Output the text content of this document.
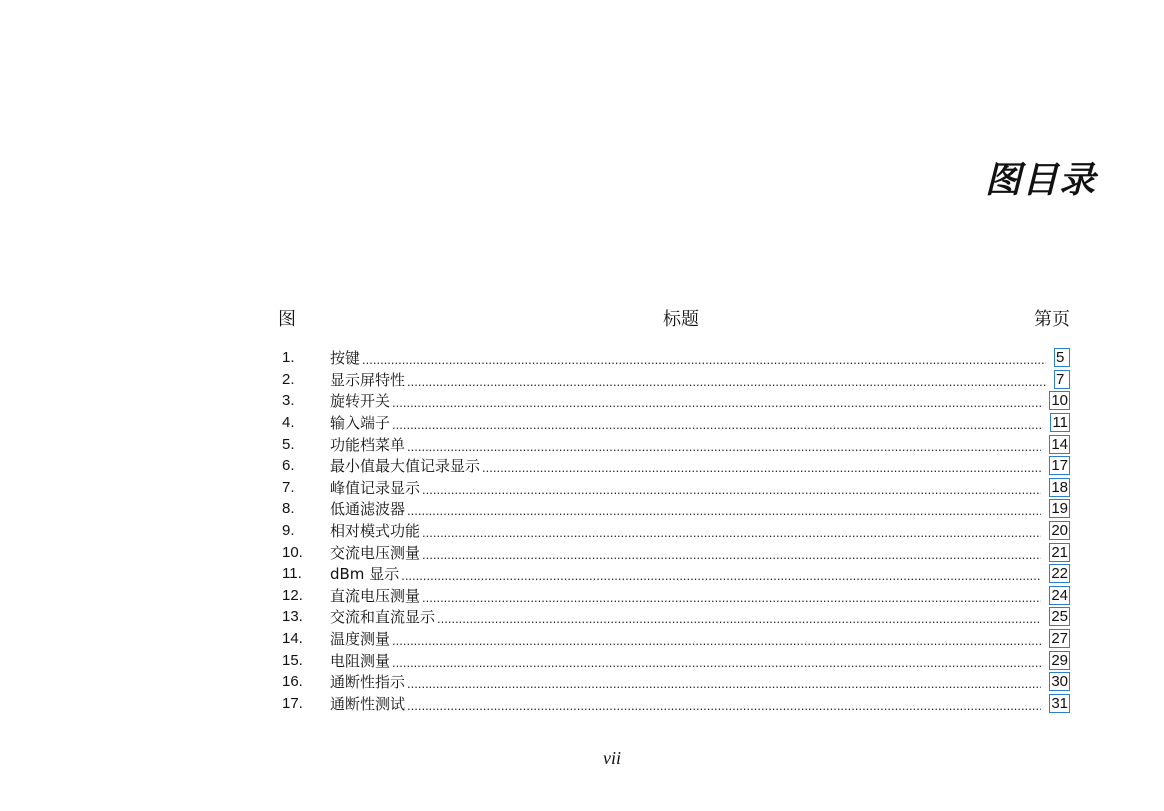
图目录
图	标题	第页
1.	按键 .....	5
2.	显示屏特性 .....	7
3.	旋转开关 .....	10
4.	输入端子 .....	11
5.	功能档菜单 .....	14
6.	最小值最大值记录显示 .....	17
7.	峰值记录显示 .....	18
8.	低通滤波器 .....	19
9.	相对模式功能 .....	20
10.	交流电压测量 .....	21
11.	dBm 显示 .....	22
12.	直流电压测量 .....	24
13.	交流和直流显示 .....	25
14.	温度测量 .....	27
15.	电阻测量 .....	29
16.	通断性指示 .....	30
17.	通断性测试 .....	31
vii
